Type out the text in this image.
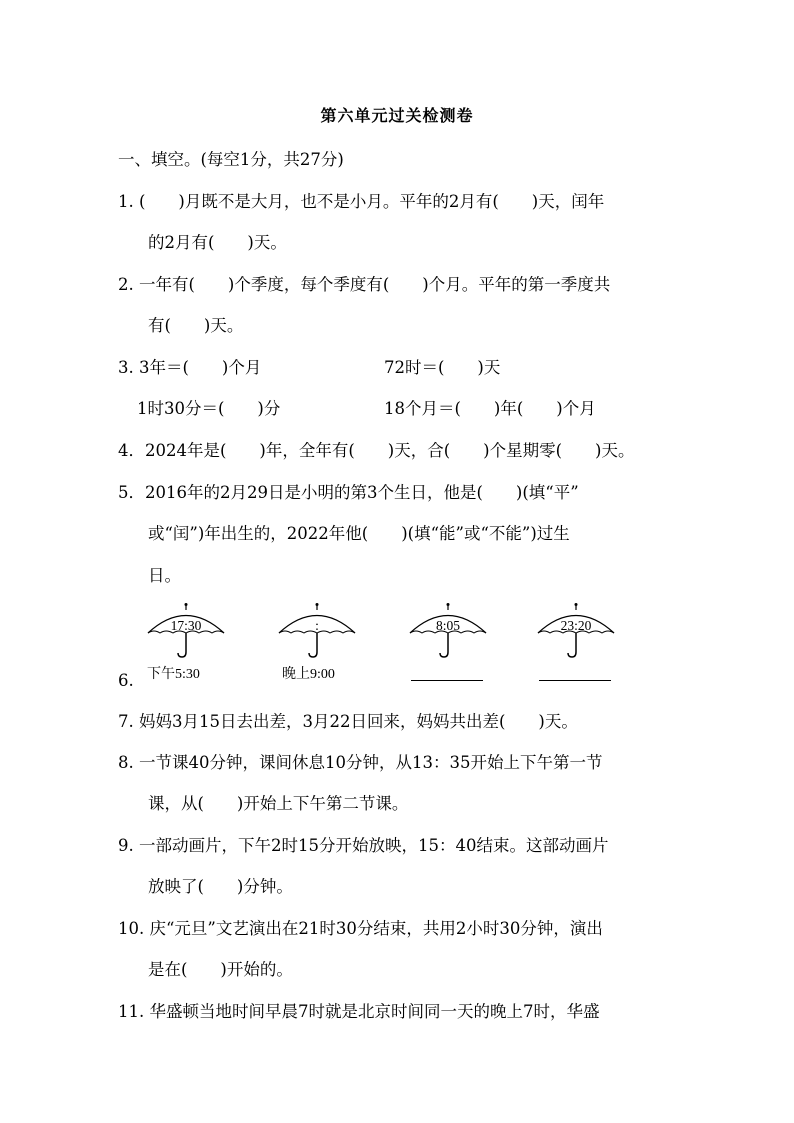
第六单元过关检测卷
一、填空。(每空1分，共27分)
1. (　　)月既不是大月，也不是小月。平年的2月有(　　)天，闰年
的2月有(　　)天。
2. 一年有(　　)个季度，每个季度有(　　)个月。平年的第一季度共
有(　　)天。
3. 3年＝(　　)个月	72时＝(　　)天
1时30分＝(　　)分	18个月＝(　　)年(　　)个月
4．2024年是(　　)年，全年有(　　)天，合(　　)个星期零(　　)天。
5．2016年的2月29日是小明的第3个生日，他是(　　)(填“平”
或“闰”)年出生的，2022年他(　　)(填“能”或“不能”)过生
日。
6.
17:30
下午5:30
:
晚上9:00
8:05	23:20
7. 妈妈3月15日去出差，3月22日回来，妈妈共出差(　　)天。
8. 一节课40分钟，课间休息10分钟，从13：35开始上下午第一节
课，从(　　)开始上下午第二节课。
9. 一部动画片，下午2时15分开始放映，15：40结束。这部动画片
放映了(　　)分钟。
10. 庆“元旦”文艺演出在21时30分结束，共用2小时30分钟，演出
是在(　　)开始的。
11. 华盛顿当地时间早晨7时就是北京时间同一天的晚上7时，华盛
